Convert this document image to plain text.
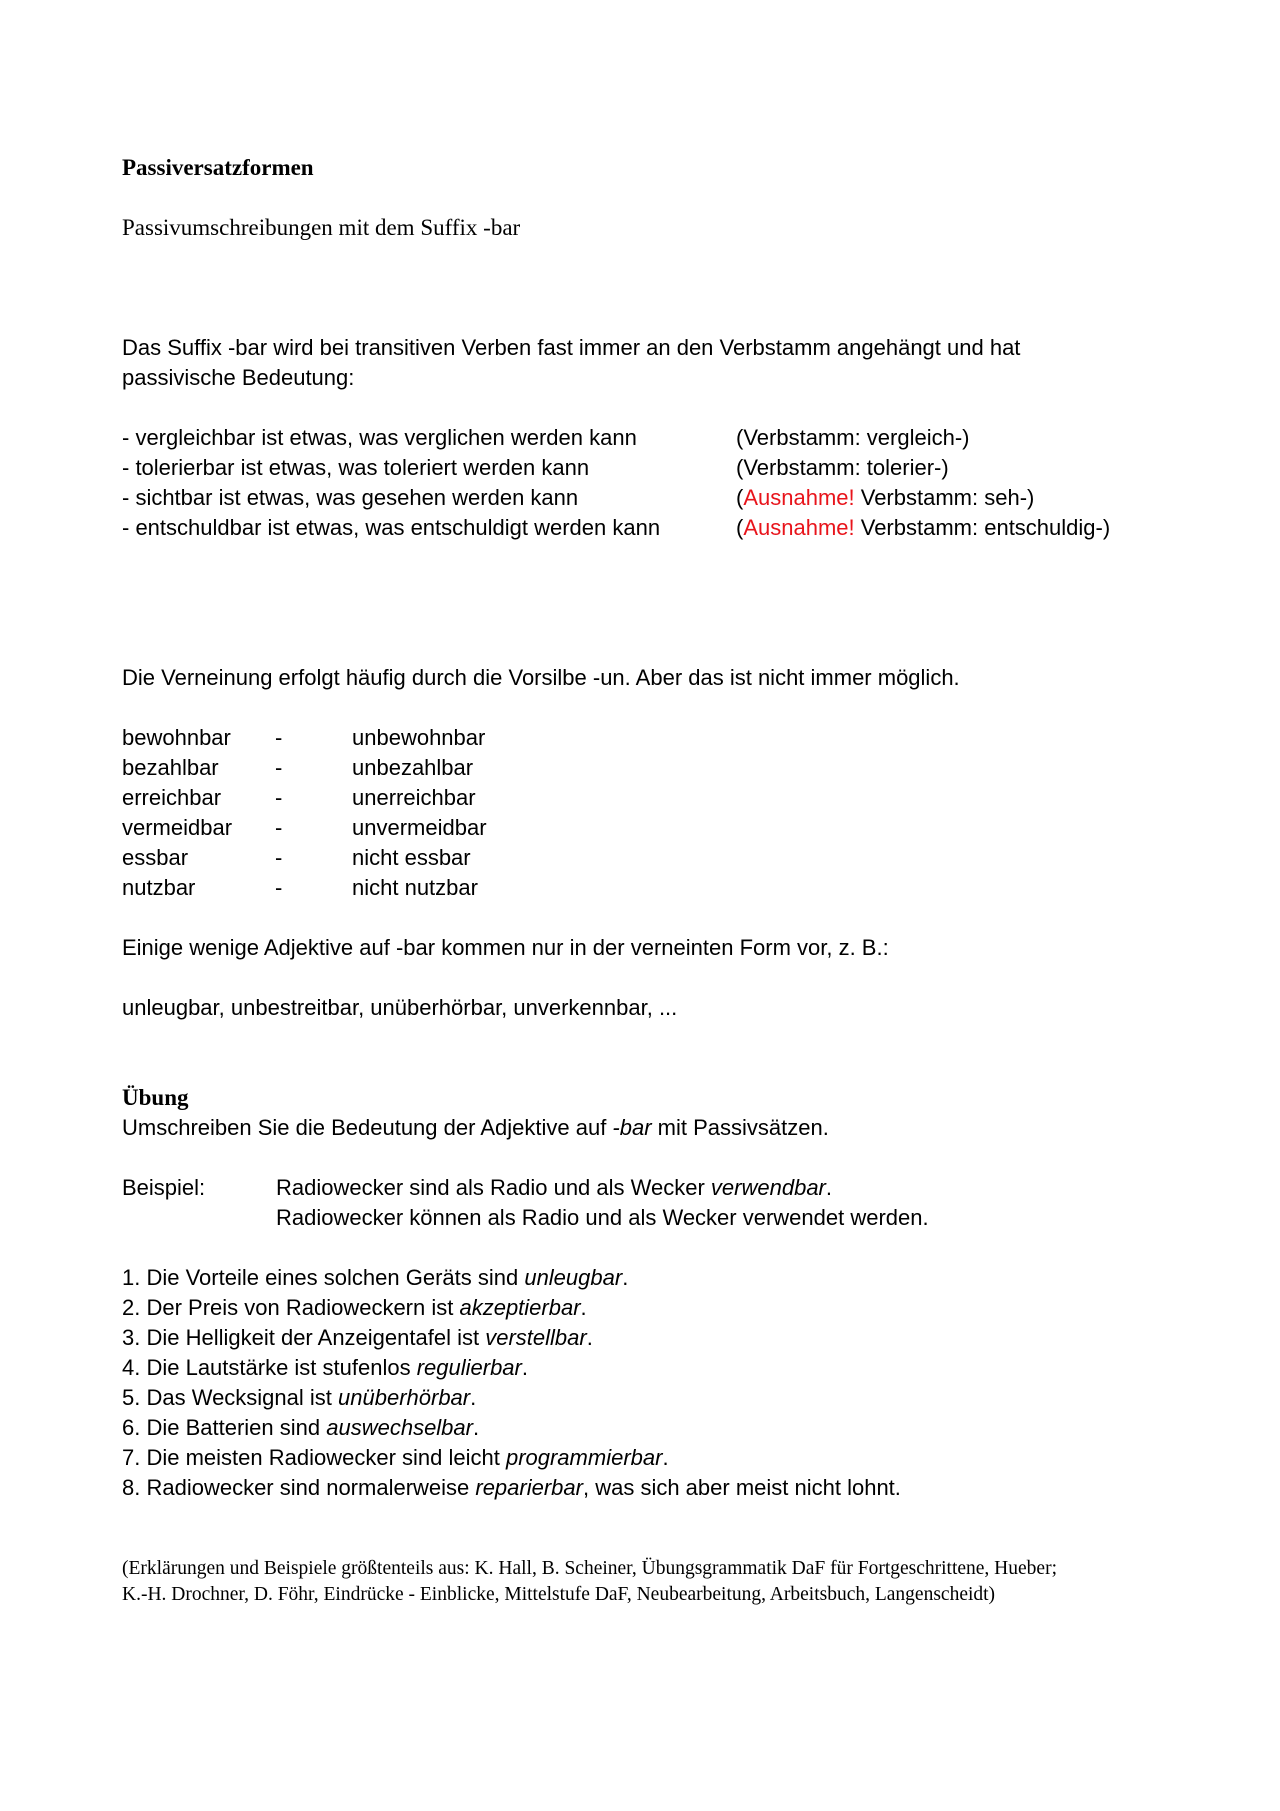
Passiversatzformen
Passivumschreibungen mit dem Suffix -bar
Das Suffix -bar wird bei transitiven Verben fast immer an den Verbstamm angehängt und hat
passivische Bedeutung:
- vergleichbar ist etwas, was verglichen werden kann	(Verbstamm: vergleich-)
- tolerierbar ist etwas, was toleriert werden kann	(Verbstamm: tolerier-)
- sichtbar ist etwas, was gesehen werden kann	(Ausnahme! Verbstamm: seh-)
- entschuldbar ist etwas, was entschuldigt werden kann	(Ausnahme! Verbstamm: entschuldig-)
Die Verneinung erfolgt häufig durch die Vorsilbe -un. Aber das ist nicht immer möglich.
bewohnbar -	unbewohnbar
bezahlbar	-	unbezahlbar
erreichbar -	unerreichbar
vermeidbar -	unvermeidbar
essbar	-	nicht essbar
nutzbar	-	nicht nutzbar
Einige wenige Adjektive auf -bar kommen nur in der verneinten Form vor, z. B.:
unleugbar, unbestreitbar, unüberhörbar, unverkennbar, ...
Übung
Umschreiben Sie die Bedeutung der Adjektive auf -bar mit Passivsätzen.
Beispiel:	Radiowecker sind als Radio und als Wecker verwendbar.
Radiowecker können als Radio und als Wecker verwendet werden.
1. Die Vorteile eines solchen Geräts sind unleugbar.
2. Der Preis von Radioweckern ist akzeptierbar.
3. Die Helligkeit der Anzeigentafel ist verstellbar.
4. Die Lautstärke ist stufenlos regulierbar.
5. Das Wecksignal ist unüberhörbar.
6. Die Batterien sind auswechselbar.
7. Die meisten Radiowecker sind leicht programmierbar.
8. Radiowecker sind normalerweise reparierbar, was sich aber meist nicht lohnt.
(Erklärungen und Beispiele größtenteils aus: K. Hall, B. Scheiner, Übungsgrammatik DaF für Fortgeschrittene, Hueber;
K.-H. Drochner, D. Föhr, Eindrücke - Einblicke, Mittelstufe DaF, Neubearbeitung, Arbeitsbuch, Langenscheidt)
